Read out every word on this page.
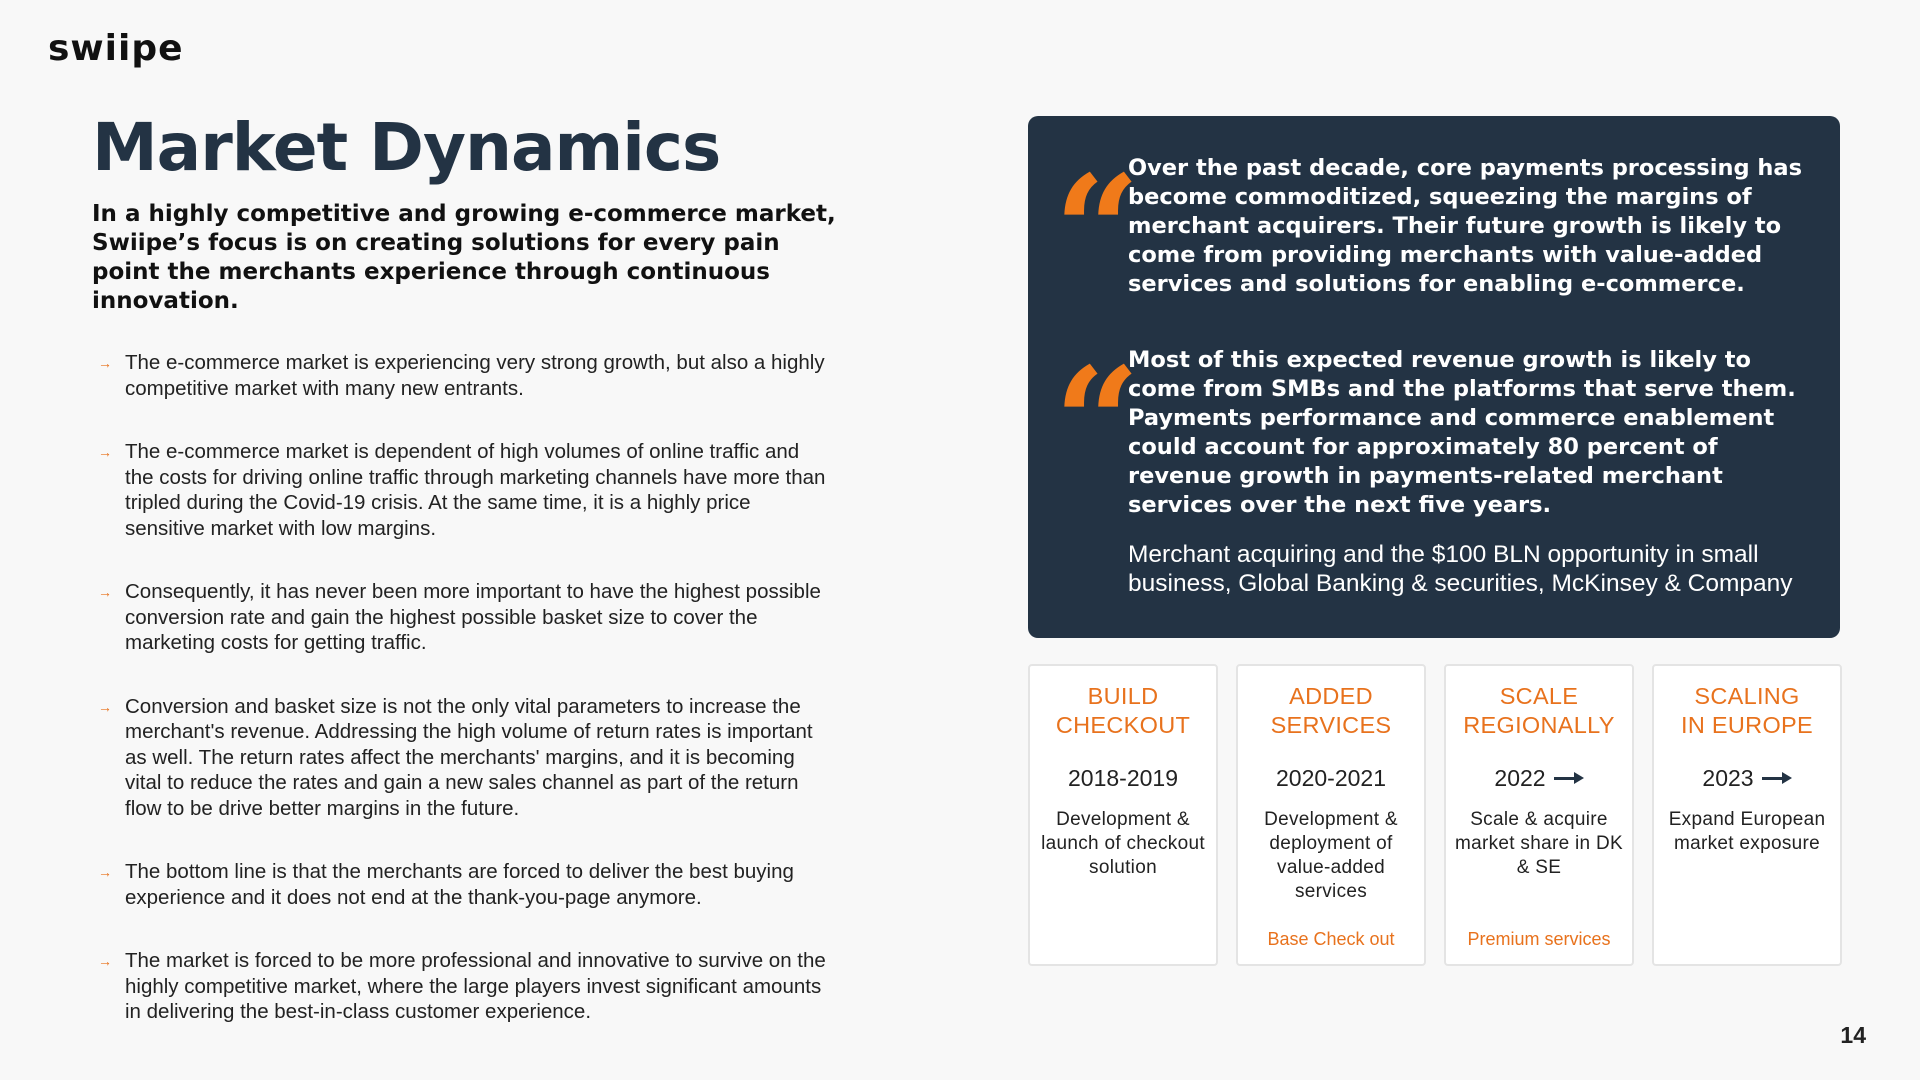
swiipe
Market Dynamics
In a highly competitive and growing e-commerce market, Swiipe’s focus is on creating solutions for every pain point the merchants experience through continuous innovation.
→ The e-commerce market is experiencing very strong growth, but also a highly competitive market with many new entrants.
→ The e-commerce market is dependent of high volumes of online traffic and the costs for driving online traffic through marketing channels have more than tripled during the Covid-19 crisis. At the same time, it is a highly price sensitive market with low margins.
→ Consequently, it has never been more important to have the highest possible conversion rate and gain the highest possible basket size to cover the marketing costs for getting traffic.
→ Conversion and basket size is not the only vital parameters to increase the merchant's revenue. Addressing the high volume of return rates is important as well. The return rates affect the merchants' margins, and it is becoming vital to reduce the rates and gain a new sales channel as part of the return flow to be drive better margins in the future.
→ The bottom line is that the merchants are forced to deliver the best buying experience and it does not end at the thank-you-page anymore.
→ The market is forced to be more professional and innovative to survive on the highly competitive market, where the large players invest significant amounts in delivering the best-in-class customer experience.
“
Over the past decade, core payments processing has become commoditized, squeezing the margins of merchant acquirers. Their future growth is likely to come from providing merchants with value-added services and solutions for enabling e-commerce.
“
Most of this expected revenue growth is likely to come from SMBs and the platforms that serve them. Payments performance and commerce enablement could account for approximately 80 percent of revenue growth in payments-related merchant services over the next five years.
Merchant acquiring and the $100 BLN opportunity in small business, Global Banking & securities, McKinsey & Company
BUILD
CHECKOUT
2018-2019
Development & launch of checkout solution
ADDED
SERVICES
2020-2021
Development & deployment of value-added services
Base Check out
SCALE
REGIONALLY
2022
Scale & acquire market share in DK & SE
Premium services
SCALING
IN EUROPE
2023
Expand European market exposure
14
